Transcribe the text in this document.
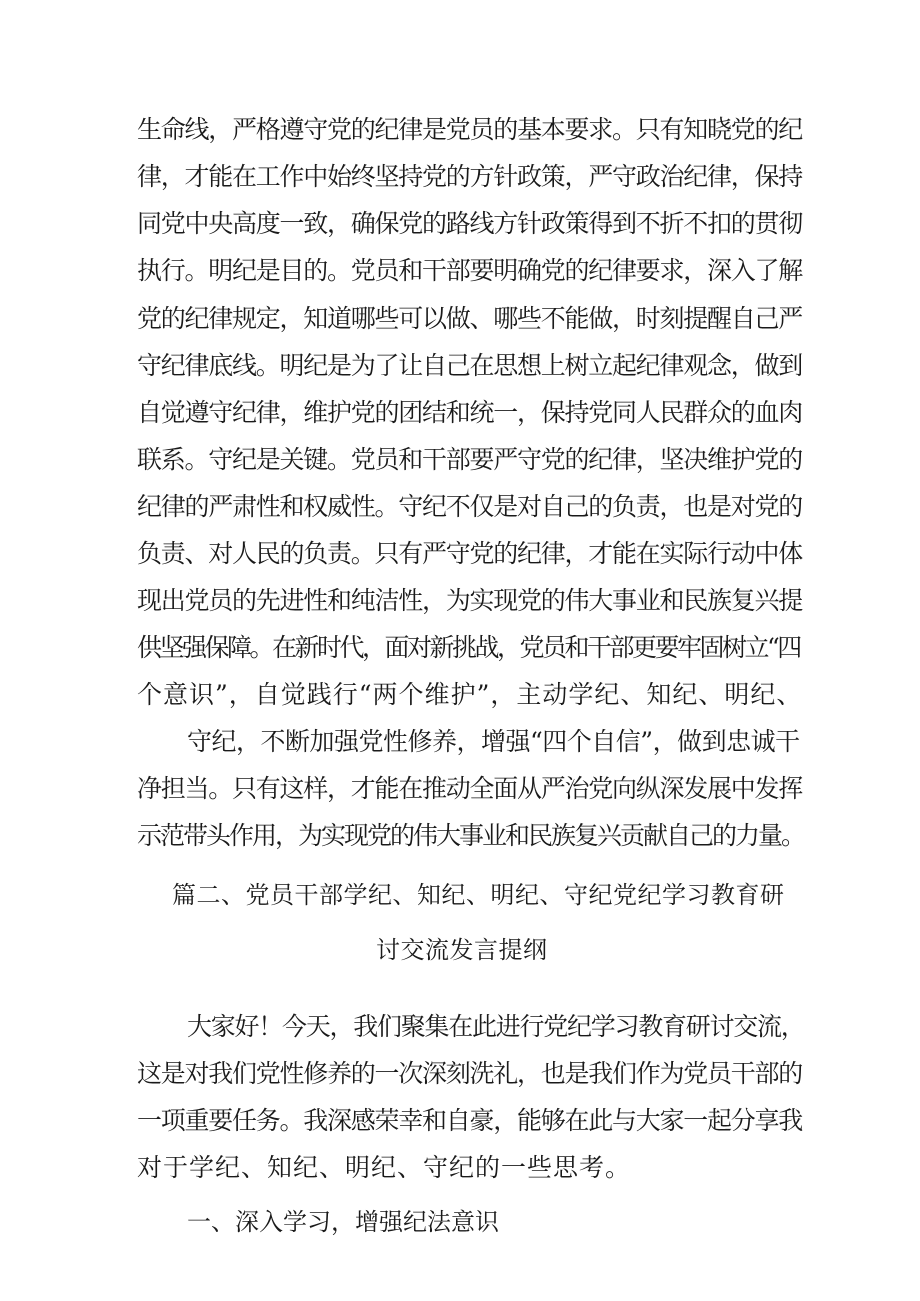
生命线，严格遵守党的纪律是党员的基本要求。只有知晓党的纪
律，才能在工作中始终坚持党的方针政策，严守政治纪律，保持
同党中央高度一致，确保党的路线方针政策得到不折不扣的贯彻
执行。明纪是目的。党员和干部要明确党的纪律要求，深入了解
党的纪律规定，知道哪些可以做、哪些不能做，时刻提醒自己严
守纪律底线。明纪是为了让自己在思想上树立起纪律观念，做到
自觉遵守纪律，维护党的团结和统一，保持党同人民群众的血肉
联系。守纪是关键。党员和干部要严守党的纪律，坚决维护党的
纪律的严肃性和权威性。守纪不仅是对自己的负责，也是对党的
负责、对人民的负责。只有严守党的纪律，才能在实际行动中体
现出党员的先进性和纯洁性，为实现党的伟大事业和民族复兴提
供坚强保障。在新时代，面对新挑战，党员和干部更要牢固树立“四
个意识”，自觉践行“两个维护”，主动学纪、知纪、明纪、
守纪，不断加强党性修养，增强“四个自信”，做到忠诚干
净担当。只有这样，才能在推动全面从严治党向纵深发展中发挥
示范带头作用，为实现党的伟大事业和民族复兴贡献自己的力量。
篇二、党员干部学纪、知纪、明纪、守纪党纪学习教育研
讨交流发言提纲
大家好！今天，我们聚集在此进行党纪学习教育研讨交流，
这是对我们党性修养的一次深刻洗礼，也是我们作为党员干部的
一项重要任务。我深感荣幸和自豪，能够在此与大家一起分享我
对于学纪、知纪、明纪、守纪的一些思考。
一、深入学习，增强纪法意识
